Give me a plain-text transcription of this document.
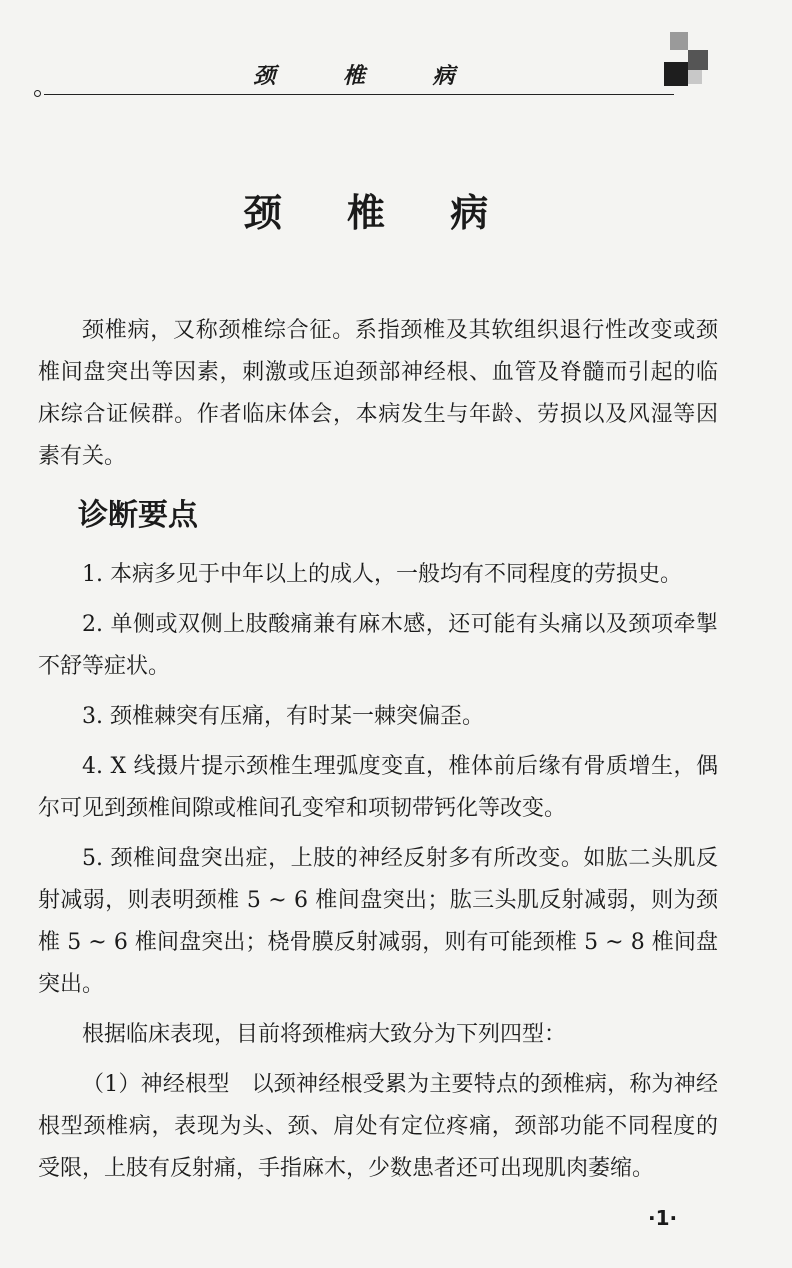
颈 椎 病
颈 椎 病

颈椎病，又称颈椎综合征。系指颈椎及其软组织退行性改变或颈椎间盘突出等因素，刺激或压迫颈部神经根、血管及脊髓而引起的临床综合证候群。作者临床体会，本病发生与年龄、劳损以及风湿等因素有关。

诊断要点

1. 本病多见于中年以上的成人，一般均有不同程度的劳损史。

2. 单侧或双侧上肢酸痛兼有麻木感，还可能有头痛以及颈项牵掣不舒等症状。

3. 颈椎棘突有压痛，有时某一棘突偏歪。

4. X 线摄片提示颈椎生理弧度变直，椎体前后缘有骨质增生，偶尔可见到颈椎间隙或椎间孔变窄和项韧带钙化等改变。

5. 颈椎间盘突出症，上肢的神经反射多有所改变。如肱二头肌反射减弱，则表明颈椎 5 ~ 6 椎间盘突出；肱三头肌反射减弱，则为颈椎 5 ~ 6 椎间盘突出；桡骨膜反射减弱，则有可能颈椎 5 ~ 8 椎间盘突出。

根据临床表现，目前将颈椎病大致分为下列四型：

（1）神经根型 以颈神经根受累为主要特点的颈椎病，称为神经根型颈椎病，表现为头、颈、肩处有定位疼痛，颈部功能不同程度的受限，上肢有反射痛，手指麻木，少数患者还可出现肌肉萎缩。

·1·
